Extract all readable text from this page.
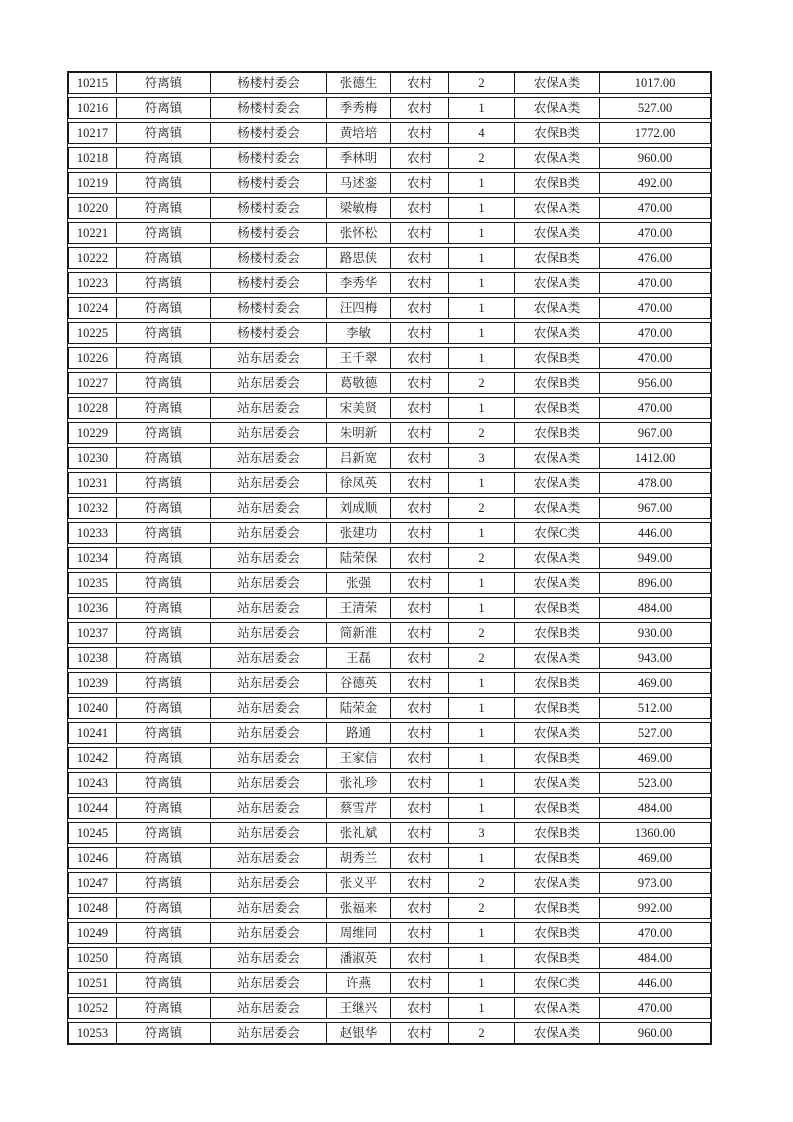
10215	符离镇	杨楼村委会	张德生	农村	2	农保A类	1017.00
10216	符离镇	杨楼村委会	季秀梅	农村	1	农保A类	527.00
10217	符离镇	杨楼村委会	黄培培	农村	4	农保B类	1772.00
10218	符离镇	杨楼村委会	季林明	农村	2	农保A类	960.00
10219	符离镇	杨楼村委会	马述銮	农村	1	农保B类	492.00
10220	符离镇	杨楼村委会	梁敏梅	农村	1	农保A类	470.00
10221	符离镇	杨楼村委会	张怀松	农村	1	农保A类	470.00
10222	符离镇	杨楼村委会	路思侠	农村	1	农保B类	476.00
10223	符离镇	杨楼村委会	李秀华	农村	1	农保A类	470.00
10224	符离镇	杨楼村委会	汪四梅	农村	1	农保A类	470.00
10225	符离镇	杨楼村委会	李敏	农村	1	农保A类	470.00
10226	符离镇	站东居委会	王千翠	农村	1	农保B类	470.00
10227	符离镇	站东居委会	葛敬德	农村	2	农保B类	956.00
10228	符离镇	站东居委会	宋美贤	农村	1	农保B类	470.00
10229	符离镇	站东居委会	朱明新	农村	2	农保B类	967.00
10230	符离镇	站东居委会	吕新宽	农村	3	农保A类	1412.00
10231	符离镇	站东居委会	徐凤英	农村	1	农保A类	478.00
10232	符离镇	站东居委会	刘成顺	农村	2	农保A类	967.00
10233	符离镇	站东居委会	张建功	农村	1	农保C类	446.00
10234	符离镇	站东居委会	陆荣保	农村	2	农保A类	949.00
10235	符离镇	站东居委会	张强	农村	1	农保A类	896.00
10236	符离镇	站东居委会	王清荣	农村	1	农保B类	484.00
10237	符离镇	站东居委会	简新淮	农村	2	农保B类	930.00
10238	符离镇	站东居委会	王磊	农村	2	农保A类	943.00
10239	符离镇	站东居委会	谷德英	农村	1	农保B类	469.00
10240	符离镇	站东居委会	陆荣金	农村	1	农保B类	512.00
10241	符离镇	站东居委会	路通	农村	1	农保A类	527.00
10242	符离镇	站东居委会	王家信	农村	1	农保B类	469.00
10243	符离镇	站东居委会	张礼珍	农村	1	农保A类	523.00
10244	符离镇	站东居委会	蔡雪芹	农村	1	农保B类	484.00
10245	符离镇	站东居委会	张礼斌	农村	3	农保B类	1360.00
10246	符离镇	站东居委会	胡秀兰	农村	1	农保B类	469.00
10247	符离镇	站东居委会	张义平	农村	2	农保A类	973.00
10248	符离镇	站东居委会	张福来	农村	2	农保B类	992.00
10249	符离镇	站东居委会	周维同	农村	1	农保B类	470.00
10250	符离镇	站东居委会	潘淑英	农村	1	农保B类	484.00
10251	符离镇	站东居委会	许燕	农村	1	农保C类	446.00
10252	符离镇	站东居委会	王继兴	农村	1	农保A类	470.00
10253	符离镇	站东居委会	赵银华	农村	2	农保A类	960.00
